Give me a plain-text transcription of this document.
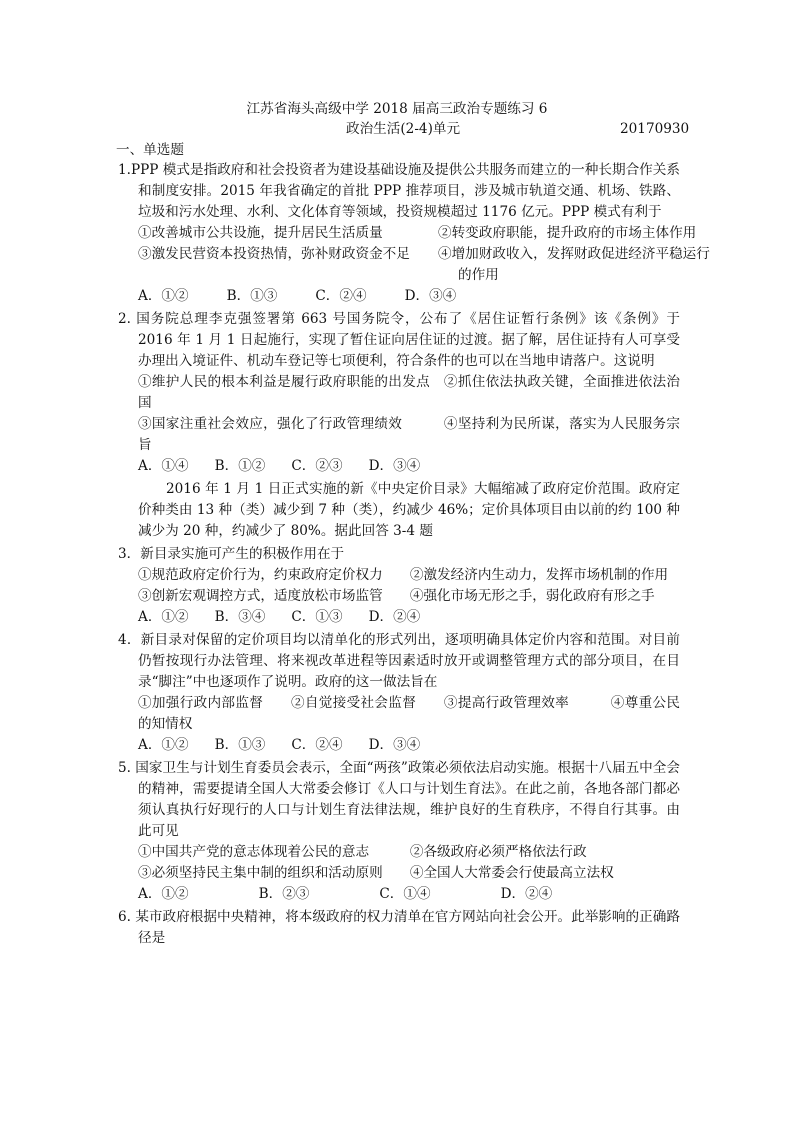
江苏省海头高级中学 2018 届高三政治专题练习 6
政治生活(2-4)单元	20170930
一、单选题
1.PPP 模式是指政府和社会投资者为建设基础设施及提供公共服务而建立的一种长期合作关系和制度安排。2015 年我省确定的首批 PPP 推荐项目，涉及城市轨道交通、机场、铁路、垃圾和污水处理、水利、文化体育等领域，投资规模超过 1176 亿元。PPP 模式有利于
①改善城市公共设施，提升居民生活质量	②转变政府职能，提升政府的市场主体作用
③激发民营资本投资热情，弥补财政资金不足	④增加财政收入，发挥财政促进经济平稳运行的作用
A．①②	B．①③	C．②④	D．③④
2. 国务院总理李克强签署第 663 号国务院令，公布了《居住证暂行条例》该《条例》于 2016 年 1 月 1 日起施行，实现了暂住证向居住证的过渡。据了解，居住证持有人可享受办理出入境证件、机动车登记等七项便利，符合条件的也可以在当地申请落户。这说明
①维护人民的根本利益是履行政府职能的出发点　②抓住依法执政关键，全面推进依法治国
③国家注重社会效应，强化了行政管理绩效　　　④坚持利为民所谋，落实为人民服务宗旨
A．①④ B．①② C．②③ D．③④
2016 年 1 月 1 日正式实施的新《中央定价目录》大幅缩减了政府定价范围。政府定价种类由 13 种（类）减少到 7 种（类），约减少 46%；定价具体项目由以前的约 100 种减少为 20 种，约减少了 80%。据此回答 3-4 题
3．新目录实施可产生的积极作用在于
①规范政府定价行为，约束政府定价权力　　②激发经济内生动力，发挥市场机制的作用
③创新宏观调控方式，适度放松市场监管　　④强化市场无形之手，弱化政府有形之手
A．①② B．③④ C．①③ D．②④
4．新目录对保留的定价项目均以清单化的形式列出，逐项明确具体定价内容和范围。对目前仍暂按现行办法管理、将来视改革进程等因素适时放开或调整管理方式的部分项目，在目录“脚注”中也逐项作了说明。政府的这一做法旨在
①加强行政内部监督　　②自觉接受社会监督　　③提高行政管理效率　　　④尊重公民的知情权
A．①② B．①③ C．②④ D．③④
5. 国家卫生与计划生育委员会表示，全面“两孩”政策必须依法启动实施。根据十八届五中全会的精神，需要提请全国人大常委会修订《人口与计划生育法》。在此之前，各地各部门都必须认真执行好现行的人口与计划生育法律法规，维护良好的生育秩序，不得自行其事。由此可见
①中国共产党的意志体现着公民的意志　　　②各级政府必须严格依法行政
③必须坚持民主集中制的组织和活动原则　　④全国人大常委会行使最高立法权
A．①②	B．②③	C．①④	D．②④
6. 某市政府根据中央精神，将本级政府的权力清单在官方网站向社会公开。此举影响的正确路径是
